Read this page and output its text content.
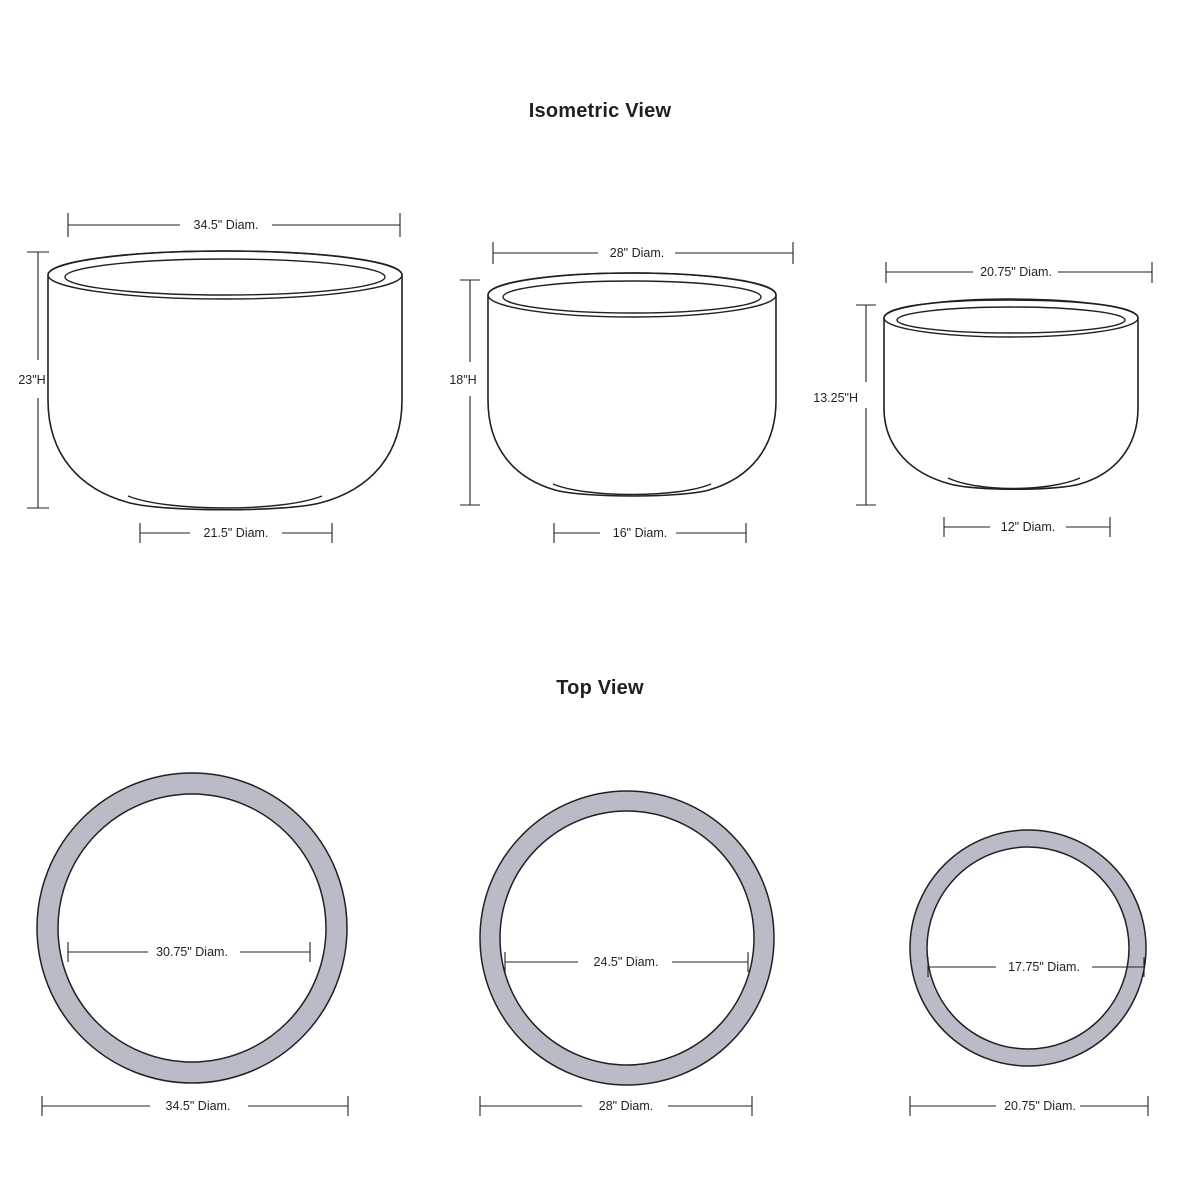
Isometric View
Top View
34.5" Diam.
23"H
21.5" Diam.
28" Diam.
18"H
16" Diam.
20.75" Diam.
13.25"H
12" Diam.
30.75" Diam.
34.5" Diam.
24.5" Diam.
28" Diam.
17.75" Diam.
20.75" Diam.
